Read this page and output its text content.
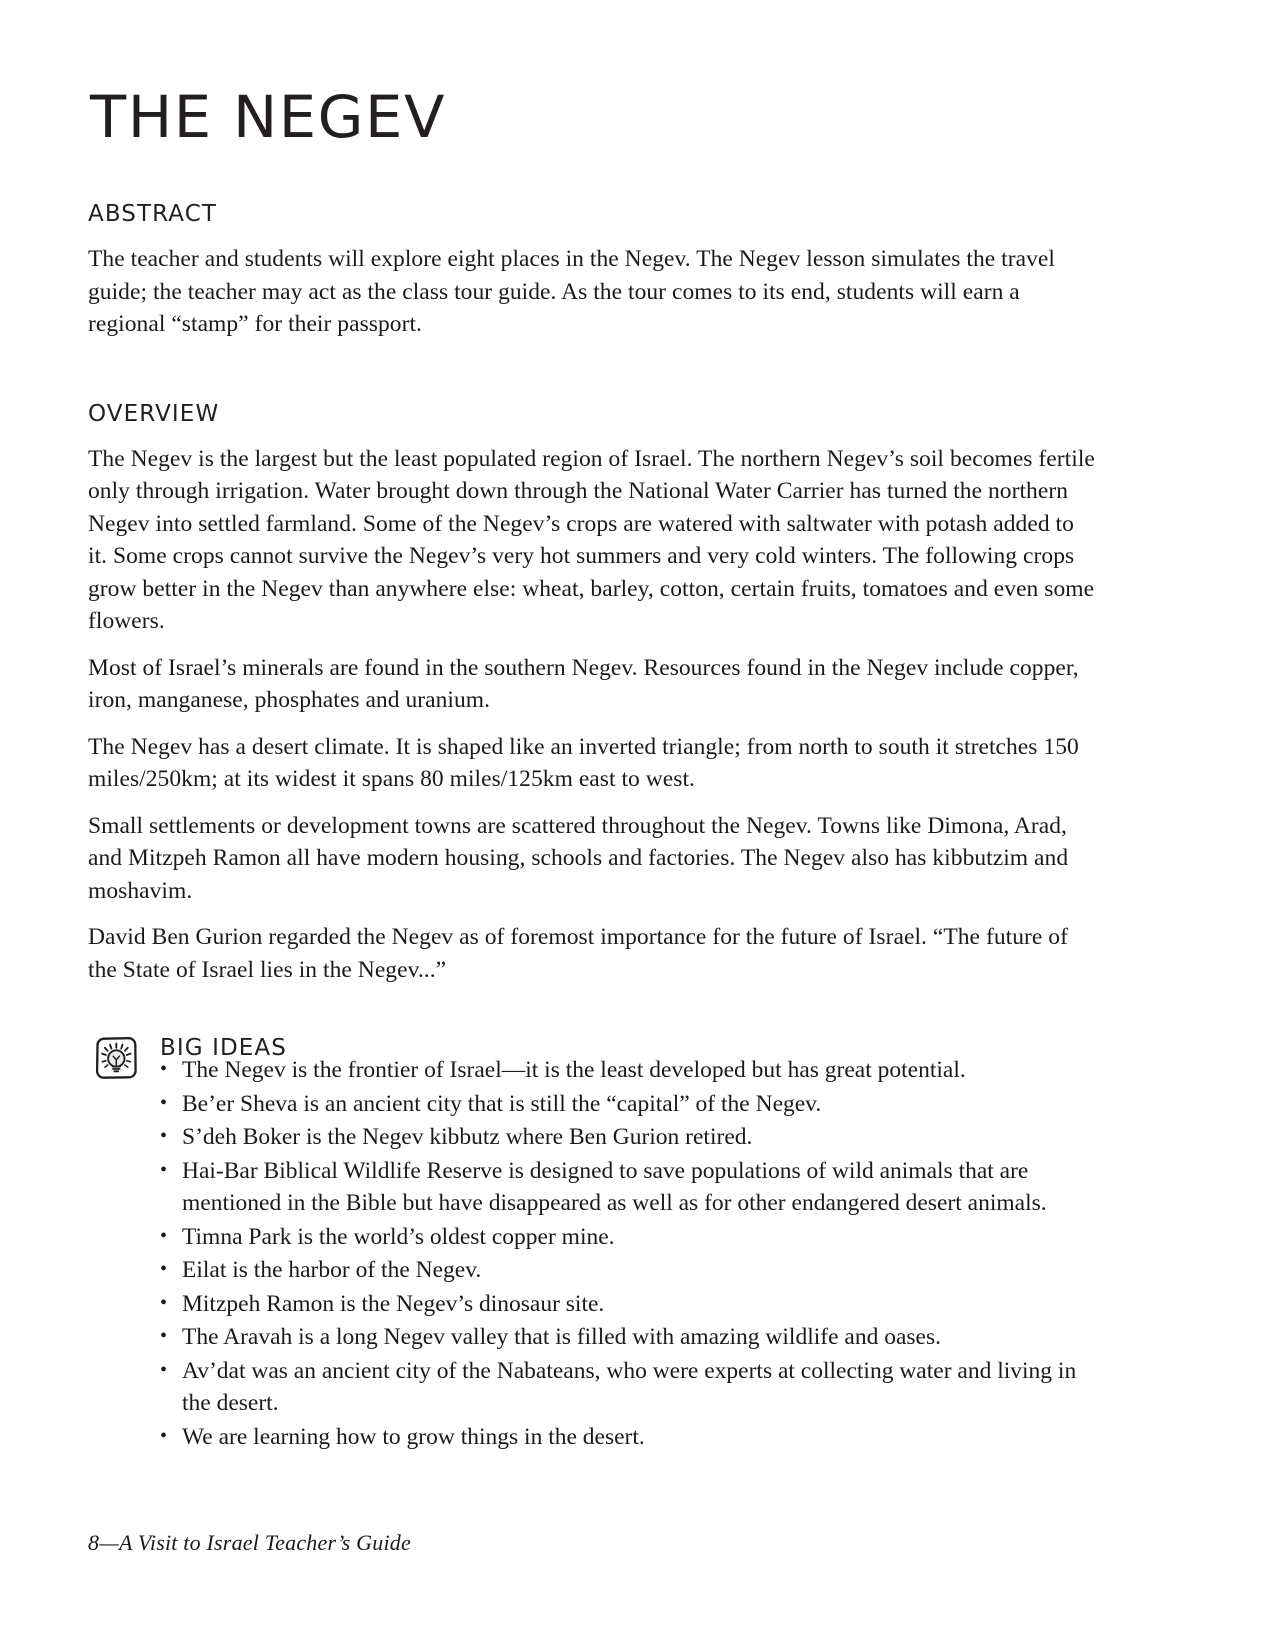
THE NEGEV
ABSTRACT

The teacher and students will explore eight places in the Negev. The Negev lesson simulates the travel guide; the teacher may act as the class tour guide. As the tour comes to its end, students will earn a regional “stamp” for their passport.

OVERVIEW

The Negev is the largest but the least populated region of Israel. The northern Negev’s soil becomes fertile only through irrigation. Water brought down through the National Water Carrier has turned the northern Negev into settled farmland. Some of the Negev’s crops are watered with saltwater with potash added to it. Some crops cannot survive the Negev’s very hot summers and very cold winters. The following crops grow better in the Negev than anywhere else: wheat, barley, cotton, certain fruits, tomatoes and even some flowers.

Most of Israel’s minerals are found in the southern Negev. Resources found in the Negev include copper, iron, manganese, phosphates and uranium.

The Negev has a desert climate. It is shaped like an inverted triangle; from north to south it stretches 150 miles/250km; at its widest it spans 80 miles/125km east to west.

Small settlements or development towns are scattered throughout the Negev. Towns like Dimona, Arad, and Mitzpeh Ramon all have modern housing, schools and factories. The Negev also has kibbutzim and moshavim.

David Ben Gurion regarded the Negev as of foremost importance for the future of Israel. “The future of the State of Israel lies in the Negev...”

BIG IDEAS
• The Negev is the frontier of Israel—it is the least developed but has great potential.
• Be’er Sheva is an ancient city that is still the “capital” of the Negev.
• S’deh Boker is the Negev kibbutz where Ben Gurion retired.
• Hai-Bar Biblical Wildlife Reserve is designed to save populations of wild animals that are mentioned in the Bible but have disappeared as well as for other endangered desert animals.
• Timna Park is the world’s oldest copper mine.
• Eilat is the harbor of the Negev.
• Mitzpeh Ramon is the Negev’s dinosaur site.
• The Aravah is a long Negev valley that is filled with amazing wildlife and oases.
• Av’dat was an ancient city of the Nabateans, who were experts at collecting water and living in the desert.
• We are learning how to grow things in the desert.
8—A Visit to Israel Teacher’s Guide
